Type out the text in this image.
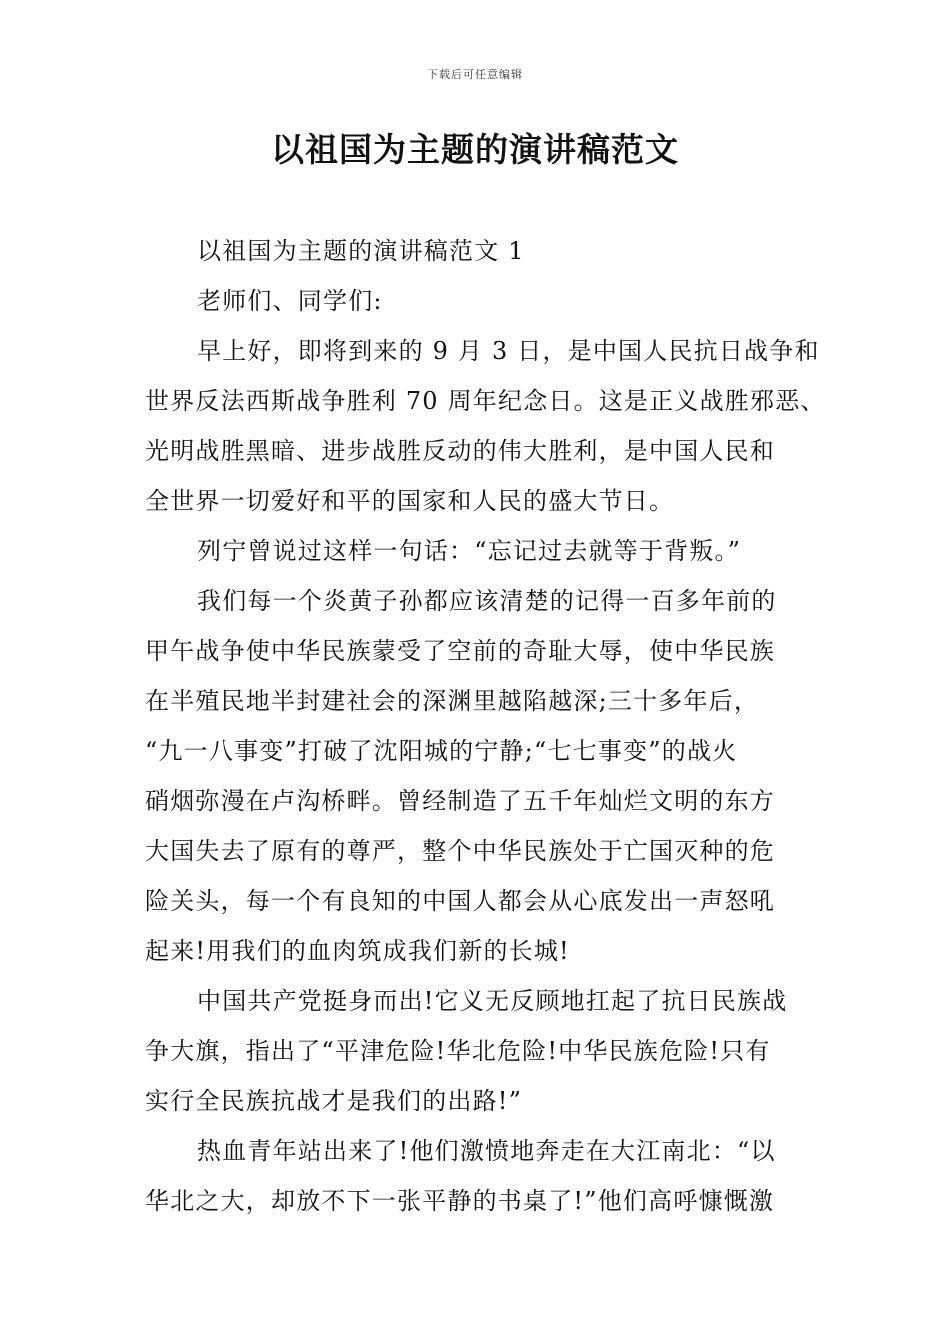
下载后可任意编辑
以祖国为主题的演讲稿范文
以祖国为主题的演讲稿范文 1
老师们、同学们:
早上好，即将到来的 9 月 3 日，是中国人民抗日战争和
世界反法西斯战争胜利 70 周年纪念日。这是正义战胜邪恶、
光明战胜黑暗、进步战胜反动的伟大胜利，是中国人民和
全世界一切爱好和平的国家和人民的盛大节日。
列宁曾说过这样一句话：“忘记过去就等于背叛。”
我们每一个炎黄子孙都应该清楚的记得一百多年前的
甲午战争使中华民族蒙受了空前的奇耻大辱，使中华民族
在半殖民地半封建社会的深渊里越陷越深;三十多年后，
“九一八事变”打破了沈阳城的宁静;“七七事变”的战火
硝烟弥漫在卢沟桥畔。曾经制造了五千年灿烂文明的东方
大国失去了原有的尊严，整个中华民族处于亡国灭种的危
险关头，每一个有良知的中国人都会从心底发出一声怒吼
起来!用我们的血肉筑成我们新的长城!
中国共产党挺身而出!它义无反顾地扛起了抗日民族战
争大旗，指出了“平津危险!华北危险!中华民族危险!只有
实行全民族抗战才是我们的出路!”
热血青年站出来了!他们激愤地奔走在大江南北：“以
华北之大，却放不下一张平静的书桌了!”他们高呼慷慨激
